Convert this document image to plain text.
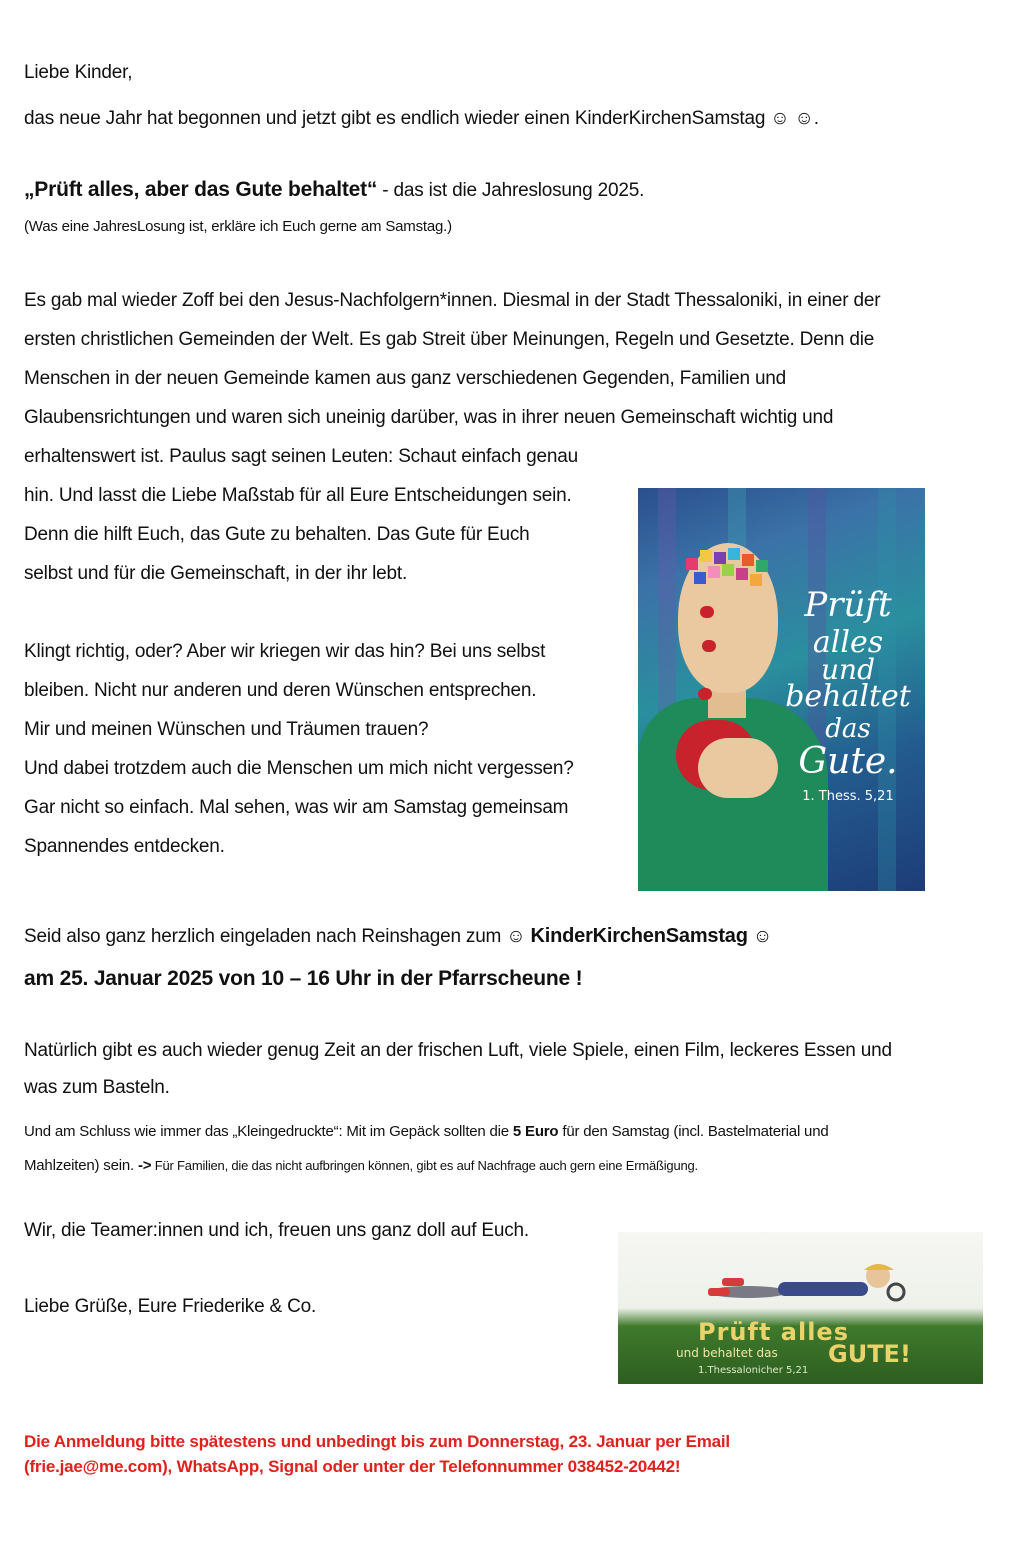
Liebe Kinder,
das neue Jahr hat begonnen und jetzt gibt es endlich wieder einen KinderKirchenSamstag ☺ ☺.
„Prüft alles, aber das Gute behaltet“ - das ist die Jahreslosung 2025.
(Was eine JahresLosung ist, erkläre ich Euch gerne am Samstag.)
Es gab mal wieder Zoff bei den Jesus-Nachfolgern*innen. Diesmal in der Stadt Thessaloniki, in einer der
ersten christlichen Gemeinden der Welt. Es gab Streit über Meinungen, Regeln und Gesetzte. Denn die
Menschen in der neuen Gemeinde kamen aus ganz verschiedenen Gegenden, Familien und
Glaubensrichtungen und waren sich uneinig darüber, was in ihrer neuen Gemeinschaft wichtig und
erhaltenswert ist. Paulus sagt seinen Leuten: Schaut einfach genau
hin. Und lasst die Liebe Maßstab für all Eure Entscheidungen sein.
Denn die hilft Euch, das Gute zu behalten. Das Gute für Euch
selbst und für die Gemeinschaft, in der ihr lebt.
Klingt richtig, oder? Aber wir kriegen wir das hin? Bei uns selbst
bleiben. Nicht nur anderen und deren Wünschen entsprechen.
Mir und meinen Wünschen und Träumen trauen?
Und dabei trotzdem auch die Menschen um mich nicht vergessen?
Gar nicht so einfach. Mal sehen, was wir am Samstag gemeinsam
Spannendes entdecken.
Seid also ganz herzlich eingeladen nach Reinshagen zum ☺ KinderKirchenSamstag ☺
am 25. Januar 2025 von 10 – 16 Uhr in der Pfarrscheune !
Natürlich gibt es auch wieder genug Zeit an der frischen Luft, viele Spiele, einen Film, leckeres Essen und
was zum Basteln.
Und am Schluss wie immer das „Kleingedruckte“: Mit im Gepäck sollten die 5 Euro für den Samstag (incl. Bastelmaterial und
Mahlzeiten) sein. -> Für Familien, die das nicht aufbringen können, gibt es auf Nachfrage auch gern eine Ermäßigung.
Wir, die Teamer:innen und ich, freuen uns ganz doll auf Euch.
Liebe Grüße, Eure Friederike & Co.
Die Anmeldung bitte spätestens und unbedingt bis zum Donnerstag, 23. Januar per Email
(frie.jae@me.com), WhatsApp, Signal oder unter der Telefonnummer 038452-20442!
Prüft
alles
und
behaltet
das
Gute.
1. Thess. 5,21
Prüft alles
und behaltet das GUTE!
1.Thessalonicher 5,21
